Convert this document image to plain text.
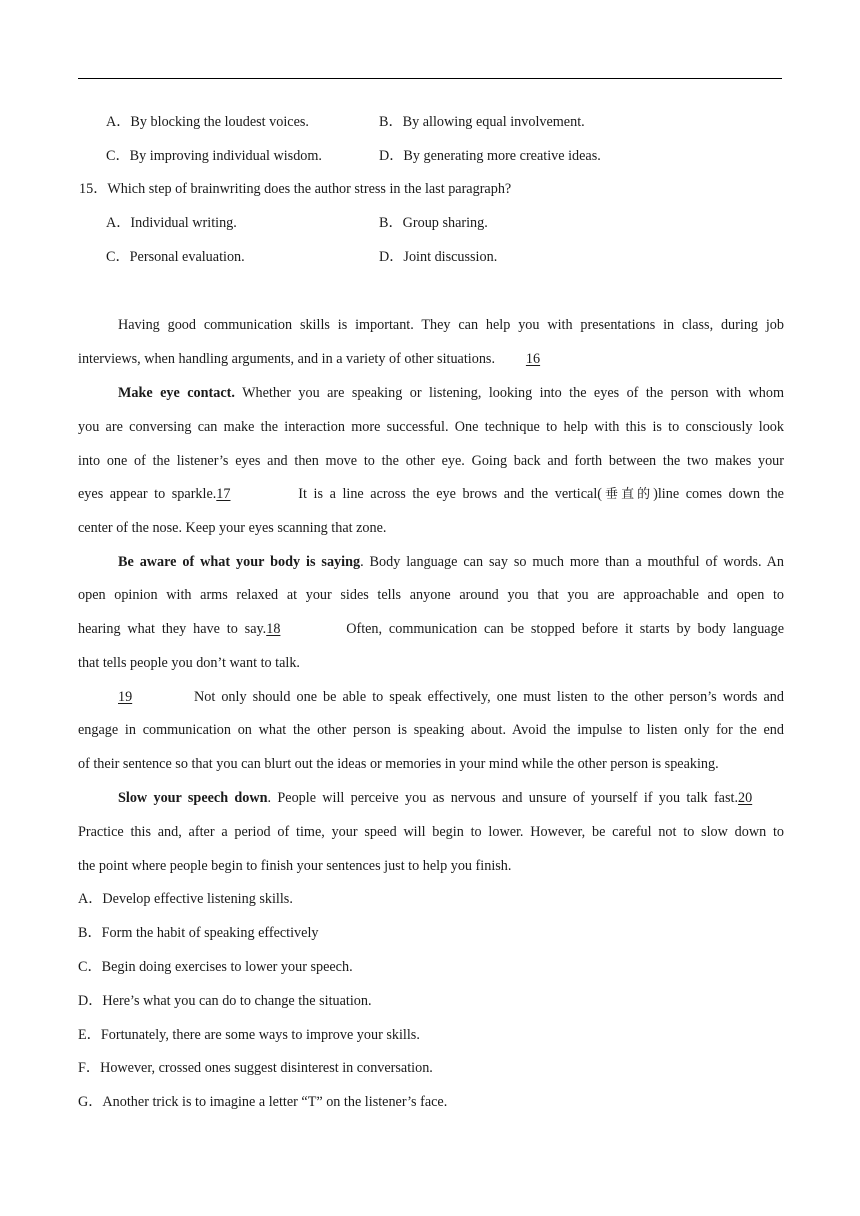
A．By blocking the loudest voices.	B．By allowing equal involvement.
C．By improving individual wisdom.	D．By generating more creative ideas.
15．Which step of brainwriting does the author stress in the last paragraph?
A．Individual writing.	B．Group sharing.
C．Personal evaluation.	D．Joint discussion.
Having good communication skills is important. They can help you with presentations in class, during job
interviews, when handling arguments, and in a variety of other situations. 16
Make eye contact. Whether you are speaking or listening, looking into the eyes of the person with whom
you are conversing can make the interaction more successful. One technique to help with this is to consciously look
into one of the listener’s eyes and then move to the other eye. Going back and forth between the two makes your
eyes appear to sparkle.17	It is a line across the eye brows and the vertical(垂直的)line comes down the
center of the nose. Keep your eyes scanning that zone.
Be aware of what your body is saying. Body language can say so much more than a mouthful of words. An
open opinion with arms relaxed at your sides tells anyone around you that you are approachable and open to
hearing what they have to say.18	Often, communication can be stopped before it starts by body language
that tells people you don’t want to talk.
19	Not only should one be able to speak effectively, one must listen to the other person’s words and
engage in communication on what the other person is speaking about. Avoid the impulse to listen only for the end
of their sentence so that you can blurt out the ideas or memories in your mind while the other person is speaking.
Slow your speech down. People will perceive you as nervous and unsure of yourself if you talk fast.20
Practice this and, after a period of time, your speed will begin to lower. However, be careful not to slow down to
the point where people begin to finish your sentences just to help you finish.
A．Develop effective listening skills.
B．Form the habit of speaking effectively
C．Begin doing exercises to lower your speech.
D．Here’s what you can do to change the situation.
E．Fortunately, there are some ways to improve your skills.
F．However, crossed ones suggest disinterest in conversation.
G．Another trick is to imagine a letter “T” on the listener’s face.
